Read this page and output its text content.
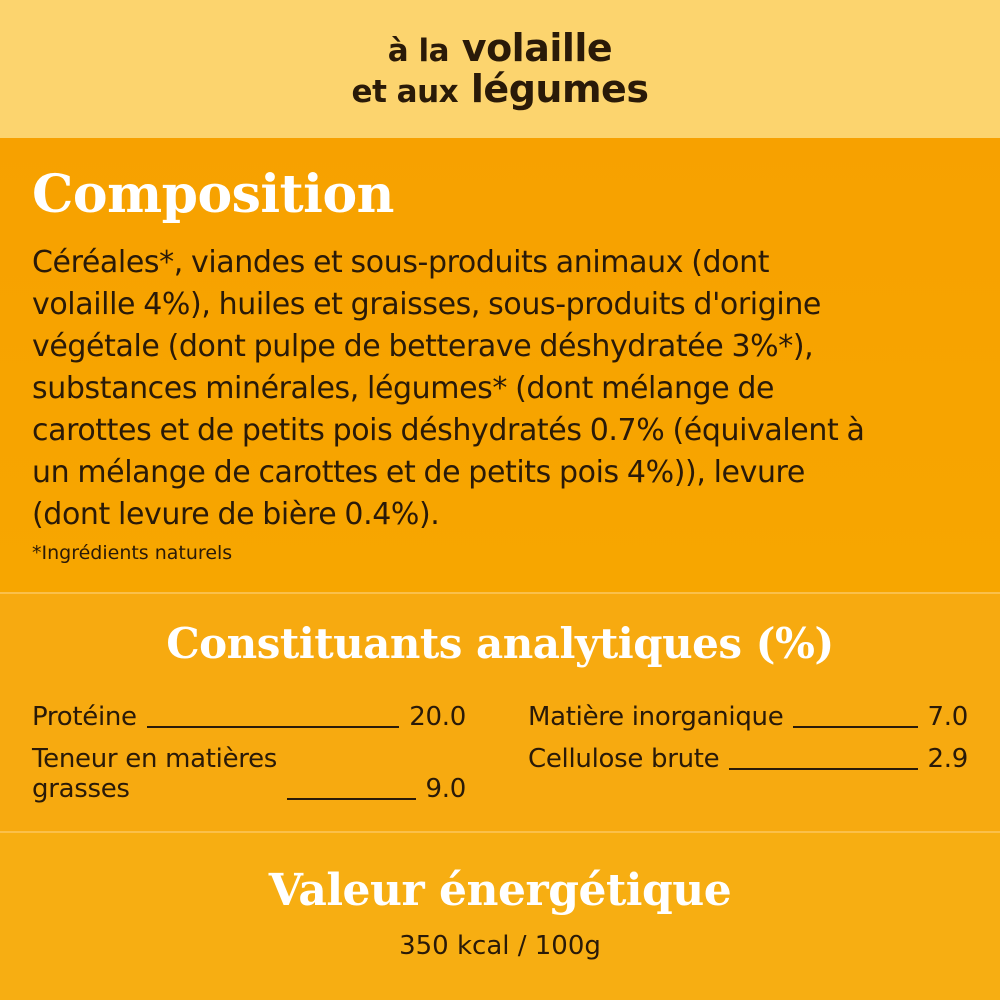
à la volaille
et aux légumes
Composition
Céréales*, viandes et sous-produits animaux (dont
volaille 4%), huiles et graisses, sous-produits d'origine
végétale (dont pulpe de betterave déshydratée 3%*),
substances minérales, légumes* (dont mélange de
carottes et de petits pois déshydratés 0.7% (équivalent à
un mélange de carottes et de petits pois 4%)), levure
(dont levure de bière 0.4%).
*Ingrédients naturels
Constituants analytiques (%)
Protéine	20.0
Teneur en matières
grasses	9.0
Matière inorganique	7.0
Cellulose brute	2.9
Valeur énergétique
350 kcal / 100g
